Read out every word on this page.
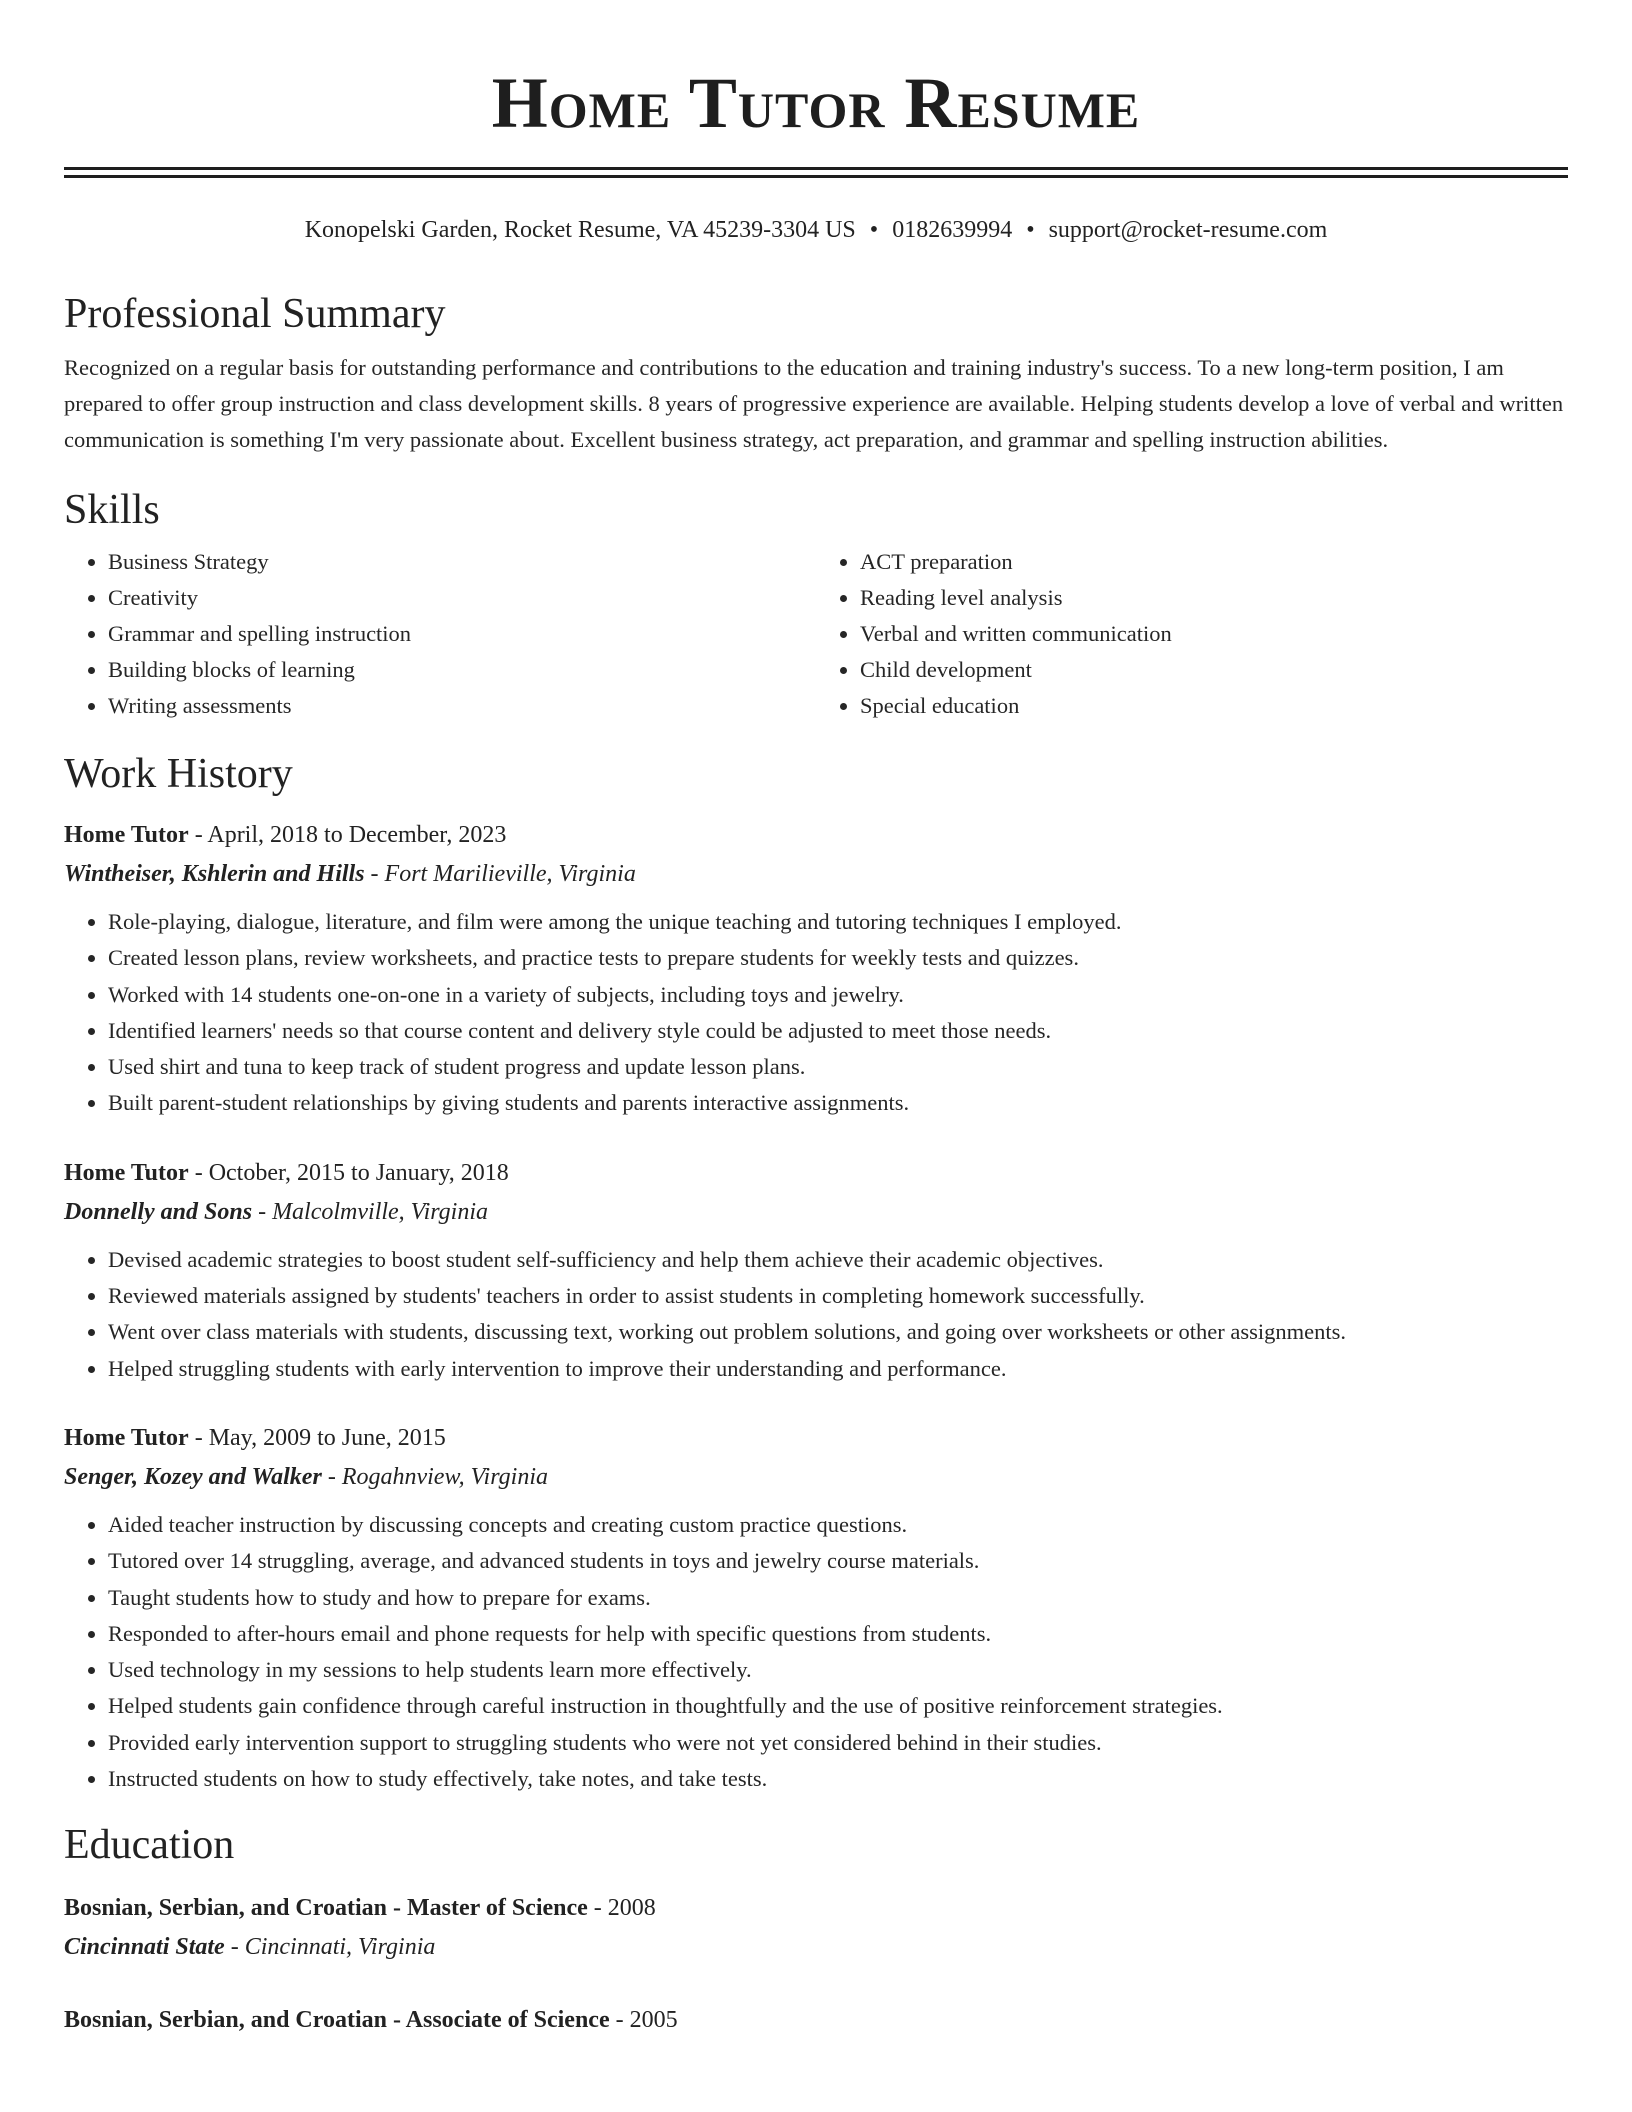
Home Tutor Resume
Konopelski Garden, Rocket Resume, VA 45239-3304 US • 0182639994 • support@rocket-resume.com
Professional Summary

Recognized on a regular basis for outstanding performance and contributions to the education and training industry's success. To a new long-term position, I am prepared to offer group instruction and class development skills. 8 years of progressive experience are available. Helping students develop a love of verbal and written communication is something I'm very passionate about. Excellent business strategy, act preparation, and grammar and spelling instruction abilities.

Skills
• Business Strategy
• Creativity
• Grammar and spelling instruction
• Building blocks of learning
• Writing assessments
• ACT preparation
• Reading level analysis
• Verbal and written communication
• Child development
• Special education
Work History
Home Tutor - April, 2018 to December, 2023
Wintheiser, Kshlerin and Hills - Fort Marilieville, Virginia
• Role-playing, dialogue, literature, and film were among the unique teaching and tutoring techniques I employed.
• Created lesson plans, review worksheets, and practice tests to prepare students for weekly tests and quizzes.
• Worked with 14 students one-on-one in a variety of subjects, including toys and jewelry.
• Identified learners' needs so that course content and delivery style could be adjusted to meet those needs.
• Used shirt and tuna to keep track of student progress and update lesson plans.
• Built parent-student relationships by giving students and parents interactive assignments.
Home Tutor - October, 2015 to January, 2018
Donnelly and Sons - Malcolmville, Virginia
• Devised academic strategies to boost student self-sufficiency and help them achieve their academic objectives.
• Reviewed materials assigned by students' teachers in order to assist students in completing homework successfully.
• Went over class materials with students, discussing text, working out problem solutions, and going over worksheets or other assignments.
• Helped struggling students with early intervention to improve their understanding and performance.
Home Tutor - May, 2009 to June, 2015
Senger, Kozey and Walker - Rogahnview, Virginia
• Aided teacher instruction by discussing concepts and creating custom practice questions.
• Tutored over 14 struggling, average, and advanced students in toys and jewelry course materials.
• Taught students how to study and how to prepare for exams.
• Responded to after-hours email and phone requests for help with specific questions from students.
• Used technology in my sessions to help students learn more effectively.
• Helped students gain confidence through careful instruction in thoughtfully and the use of positive reinforcement strategies.
• Provided early intervention support to struggling students who were not yet considered behind in their studies.
• Instructed students on how to study effectively, take notes, and take tests.
Education
Bosnian, Serbian, and Croatian - Master of Science - 2008
Cincinnati State - Cincinnati, Virginia
Bosnian, Serbian, and Croatian - Associate of Science - 2005
